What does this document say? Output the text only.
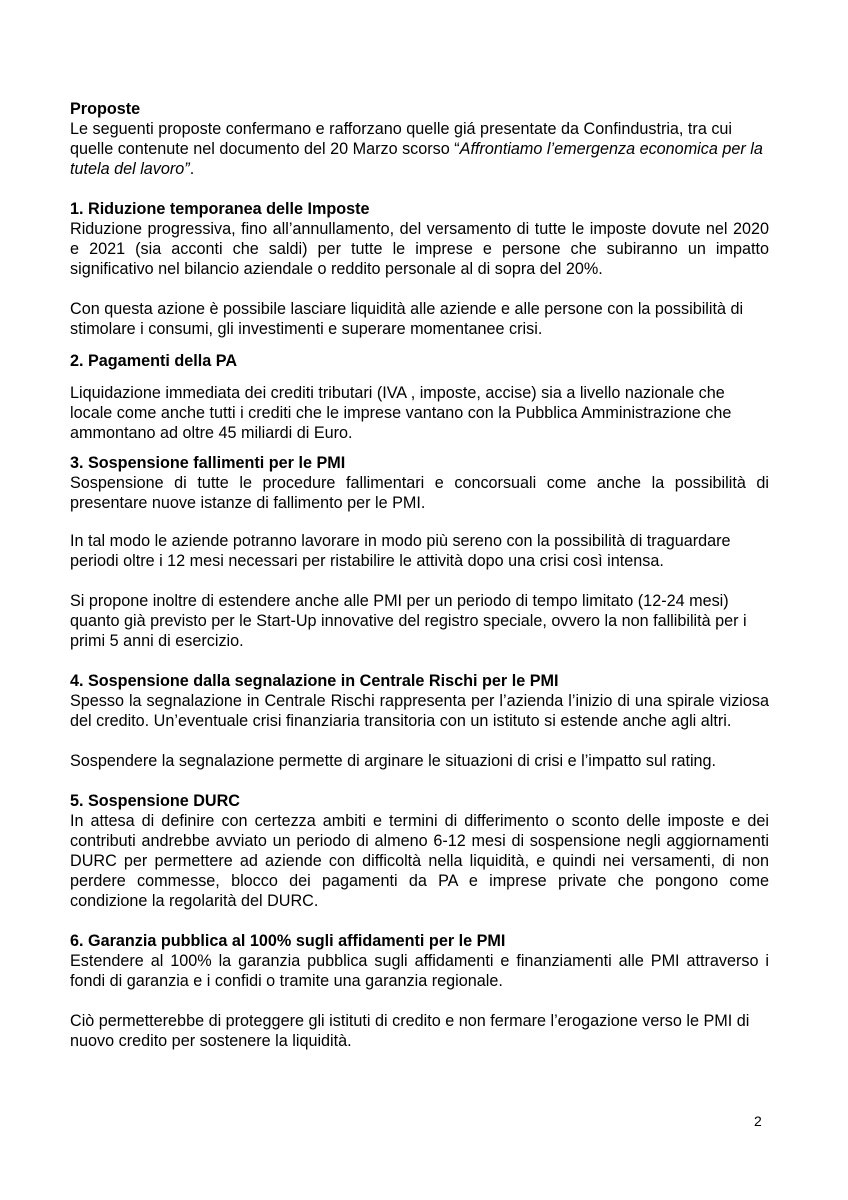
Proposte

Le seguenti proposte confermano e rafforzano quelle giá presentate da Confindustria, tra cui quelle contenute nel documento del 20 Marzo scorso “Affrontiamo l’emergenza economica per la tutela del lavoro”.

1. Riduzione temporanea delle Imposte

Riduzione progressiva, fino all’annullamento, del versamento di tutte le imposte dovute nel 2020 e 2021 (sia acconti che saldi) per tutte le imprese e persone che subiranno un impatto significativo nel bilancio aziendale o reddito personale al di sopra del 20%.

Con questa azione è possibile lasciare liquidità alle aziende e alle persone con la possibilità di stimolare i consumi, gli investimenti e superare momentanee crisi.

2. Pagamenti della PA

Liquidazione immediata dei crediti tributari (IVA , imposte, accise) sia a livello nazionale che locale come anche tutti i crediti che le imprese vantano con la Pubblica Amministrazione che ammontano ad oltre 45 miliardi di Euro.

3. Sospensione fallimenti per le PMI

Sospensione di tutte le procedure fallimentari e concorsuali come anche la possibilità di presentare nuove istanze di fallimento per le PMI.

In tal modo le aziende potranno lavorare in modo più sereno con la possibilità di traguardare periodi oltre i 12 mesi necessari per ristabilire le attività dopo una crisi così intensa.

Si propone inoltre di estendere anche alle PMI per un periodo di tempo limitato (12-24 mesi) quanto già previsto per le Start-Up innovative del registro speciale, ovvero la non fallibilità per i primi 5 anni di esercizio.

4. Sospensione dalla segnalazione in Centrale Rischi per le PMI

Spesso la segnalazione in Centrale Rischi rappresenta per l’azienda l’inizio di una spirale viziosa del credito. Un’eventuale crisi finanziaria transitoria con un istituto si estende anche agli altri.

Sospendere la segnalazione permette di arginare le situazioni di crisi e l’impatto sul rating.

5. Sospensione DURC

In attesa di definire con certezza ambiti e termini di differimento o sconto delle imposte e dei contributi andrebbe avviato un periodo di almeno 6-12 mesi di sospensione negli aggiornamenti DURC per permettere ad aziende con difficoltà nella liquidità, e quindi nei versamenti, di non perdere commesse, blocco dei pagamenti da PA e imprese private che pongono come condizione la regolarità del DURC.

6. Garanzia pubblica al 100% sugli affidamenti per le PMI

Estendere al 100% la garanzia pubblica sugli affidamenti e finanziamenti alle PMI attraverso i fondi di garanzia e i confidi o tramite una garanzia regionale.

Ciò permetterebbe di proteggere gli istituti di credito e non fermare l’erogazione verso le PMI di nuovo credito per sostenere la liquidità.

2
